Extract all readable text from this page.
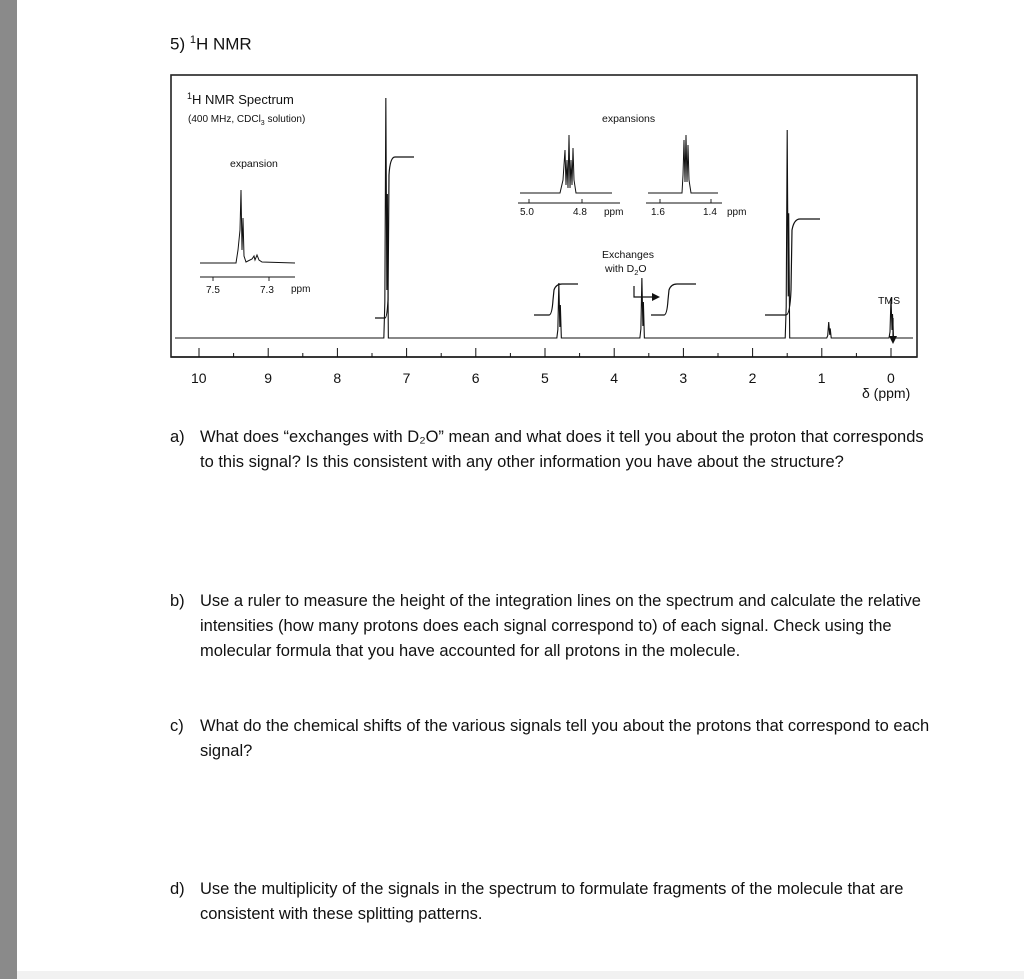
5) $^1$H NMR
$^1$H NMR Spectrum
(400 MHz, CDCl$_3$ solution)
expansion
expansions
Exchanges
with $D_2O$
TMS
7.5	7.3 ppm
5.0	4.8 ppm	1.6	1.4 ppm
10	9	8	7	6	5	4	3	2	1	0
δ (ppm)
a) What does “exchanges with D₂O” mean and what does it tell you about the proton that corresponds to this signal? Is this consistent with any other information you have about the structure?
b) Use a ruler to measure the height of the integration lines on the spectrum and calculate the relative intensities (how many protons does each signal correspond to) of each signal. Check using the molecular formula that you have accounted for all protons in the molecule.
c) What do the chemical shifts of the various signals tell you about the protons that correspond to each signal?
d) Use the multiplicity of the signals in the spectrum to formulate fragments of the molecule that are consistent with these splitting patterns.
